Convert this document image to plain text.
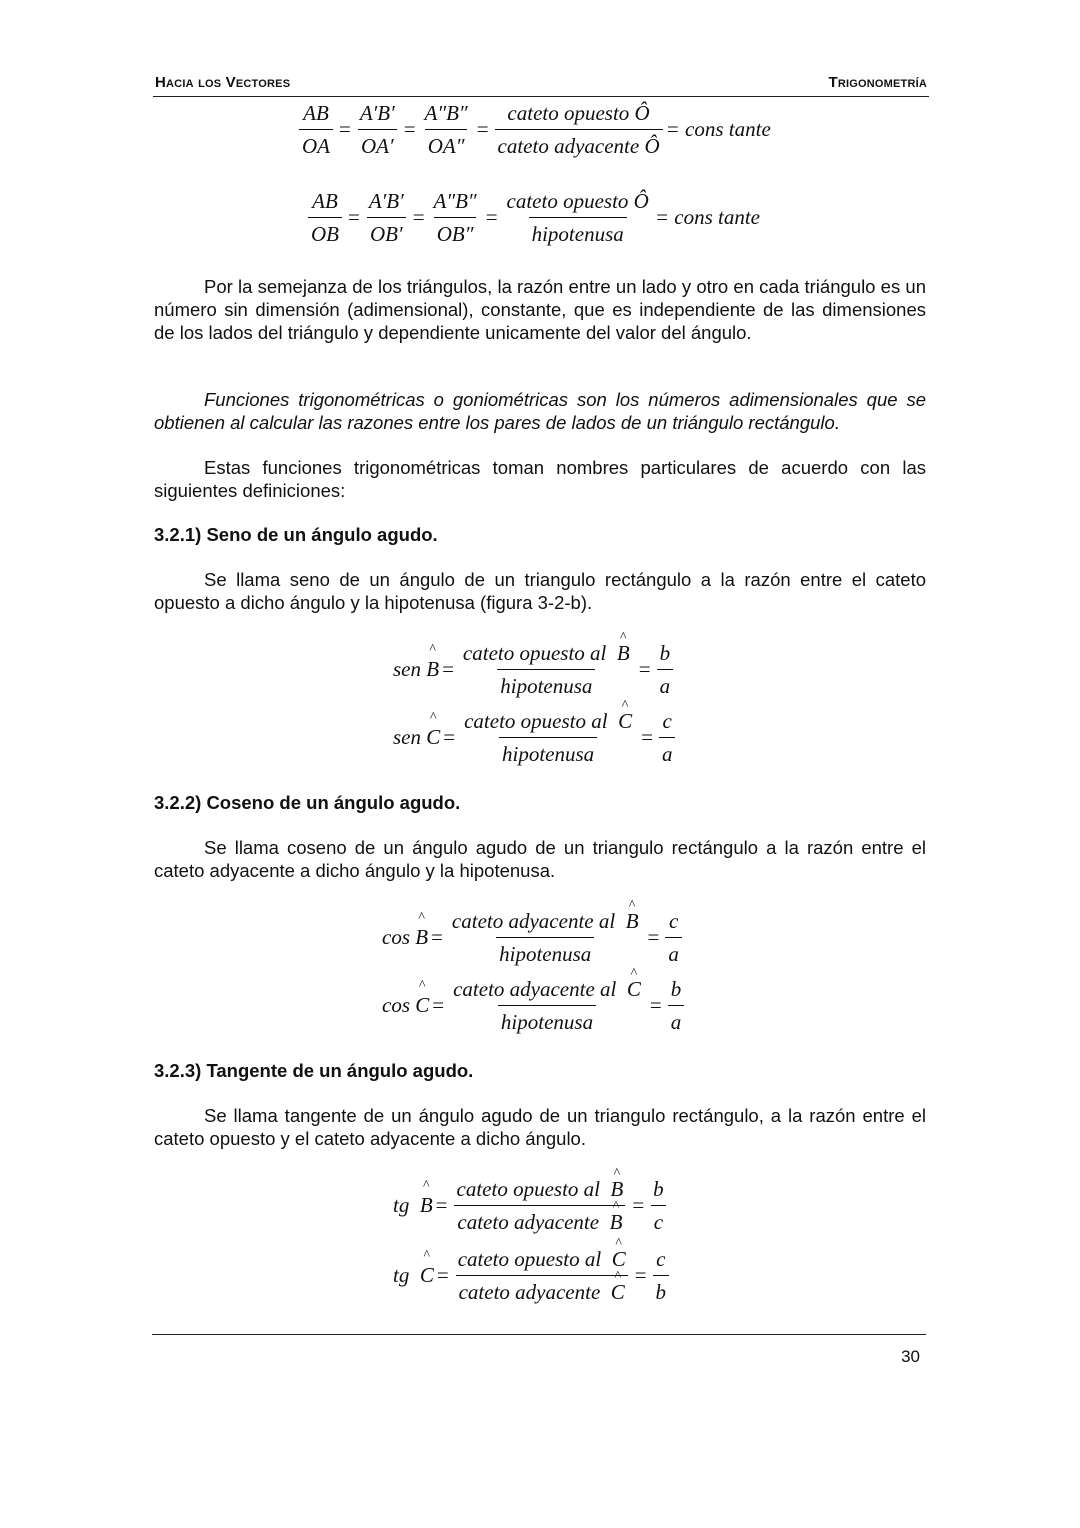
Hacia los Vectores	Trigonometría
$\frac{AB}{OA} = \frac{A'B'}{OA'} = \frac{A''B''}{OA''} = \frac{\text{cateto opuesto Ô}}{\text{cateto adyacente Ô}}$ = cons tante
$\frac{AB}{OB} = \frac{A'B'}{OB'} = \frac{A''B''}{OB''} = \frac{\text{cateto opuesto Ô}}{\text{hipotenusa}}$ = cons tante
Por la semejanza de los triángulos, la razón entre un lado y otro en cada triángulo es un número sin dimensión (adimensional), constante, que es independiente de las dimensiones de los lados del triángulo y dependiente unicamente del valor del ángulo.
Funciones trigonométricas o goniométricas son los números adimensionales que se obtienen al calcular las razones entre los pares de lados de un triángulo rectángulo.
Estas funciones trigonométricas toman nombres particulares de acuerdo con las siguientes definiciones:
3.2.1) Seno de un ángulo agudo.
Se llama seno de un ángulo de un triangulo rectángulo a la razón entre el cateto opuesto a dicho ángulo y la hipotenusa (figura 3-2-b).
sen ^ $B = \frac{\text{cateto opuesto al \textasciicircum{} B}}{\text{hipotenusa}} = \frac{b}{a}$
sen ^ $C = \frac{\text{cateto opuesto al \textasciicircum{} C}}{\text{hipotenusa}} = \frac{c}{a}$
3.2.2) Coseno de un ángulo agudo.
Se llama coseno de un ángulo agudo de un triangulo rectángulo a la razón entre el cateto adyacente a dicho ángulo y la hipotenusa.
cos ^ $B = \frac{\text{cateto adyacente al \textasciicircum{} B}}{\text{hipotenusa}} = \frac{c}{a}$
cos ^ $C = \frac{\text{cateto adyacente al \textasciicircum{} C}}{\text{hipotenusa}} = \frac{b}{a}$
3.2.3) Tangente de un ángulo agudo.
Se llama tangente de un ángulo agudo de un triangulo rectángulo, a la razón entre el cateto opuesto y el cateto adyacente a dicho ángulo.
tg ^ $B = \frac{\text{cateto opuesto al \textasciicircum{} B}}{\text{cateto adyacente \textasciicircum{} B}} = \frac{b}{c}$
tg ^ $C = \frac{\text{cateto opuesto al \textasciicircum{} C}}{\text{cateto adyacente \textasciicircum{} C}} = \frac{c}{b}$
30
